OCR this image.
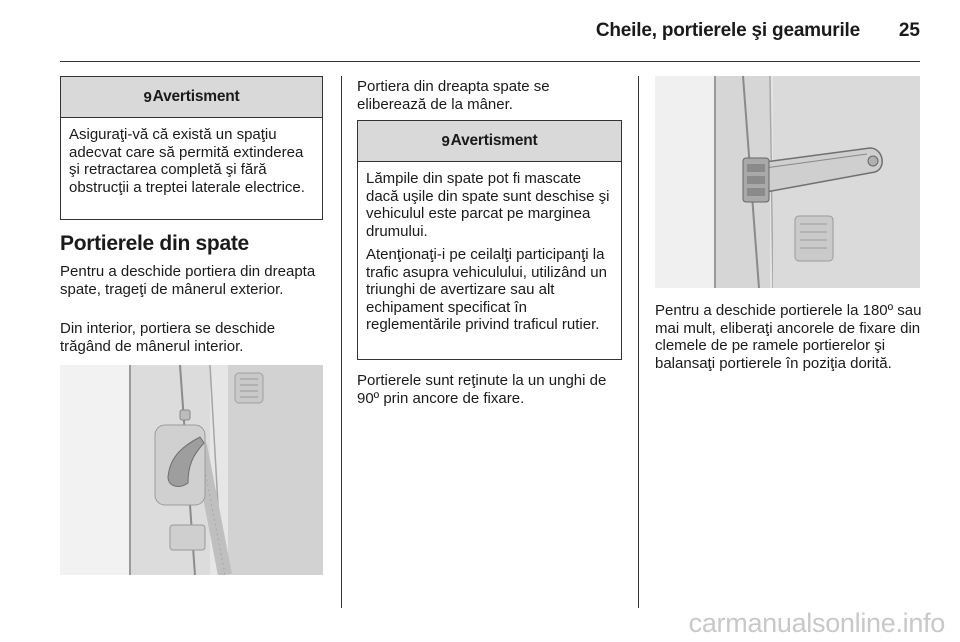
Cheile, portierele şi geamurile	25
9 Avertisment

Asiguraţi-vă că există un spaţiu adecvat care să permită extinderea şi retractarea completă şi fără obstrucţii a treptei laterale electrice.

Portierele din spate
Pentru a deschide portiera din dreapta spate, trageţi de mânerul exterior.
Din interior, portiera se deschide trăgând de mânerul interior.
Portiera din dreapta spate se eliberează de la mâner.
9 Avertisment

Lămpile din spate pot fi mascate dacă uşile din spate sunt deschise şi vehiculul este parcat pe marginea drumului.

Atenţionaţi-i pe ceilalţi participanţi la trafic asupra vehiculului, utilizând un triunghi de avertizare sau alt echipament specificat în reglementările privind traficul rutier.

Portierele sunt reţinute la un unghi de 90º prin ancore de fixare.
Pentru a deschide portierele la 180º sau mai mult, eliberaţi ancorele de fixare din clemele de pe ramele portierelor şi balansaţi portierele în poziţia dorită.
carmanualsonline.info
